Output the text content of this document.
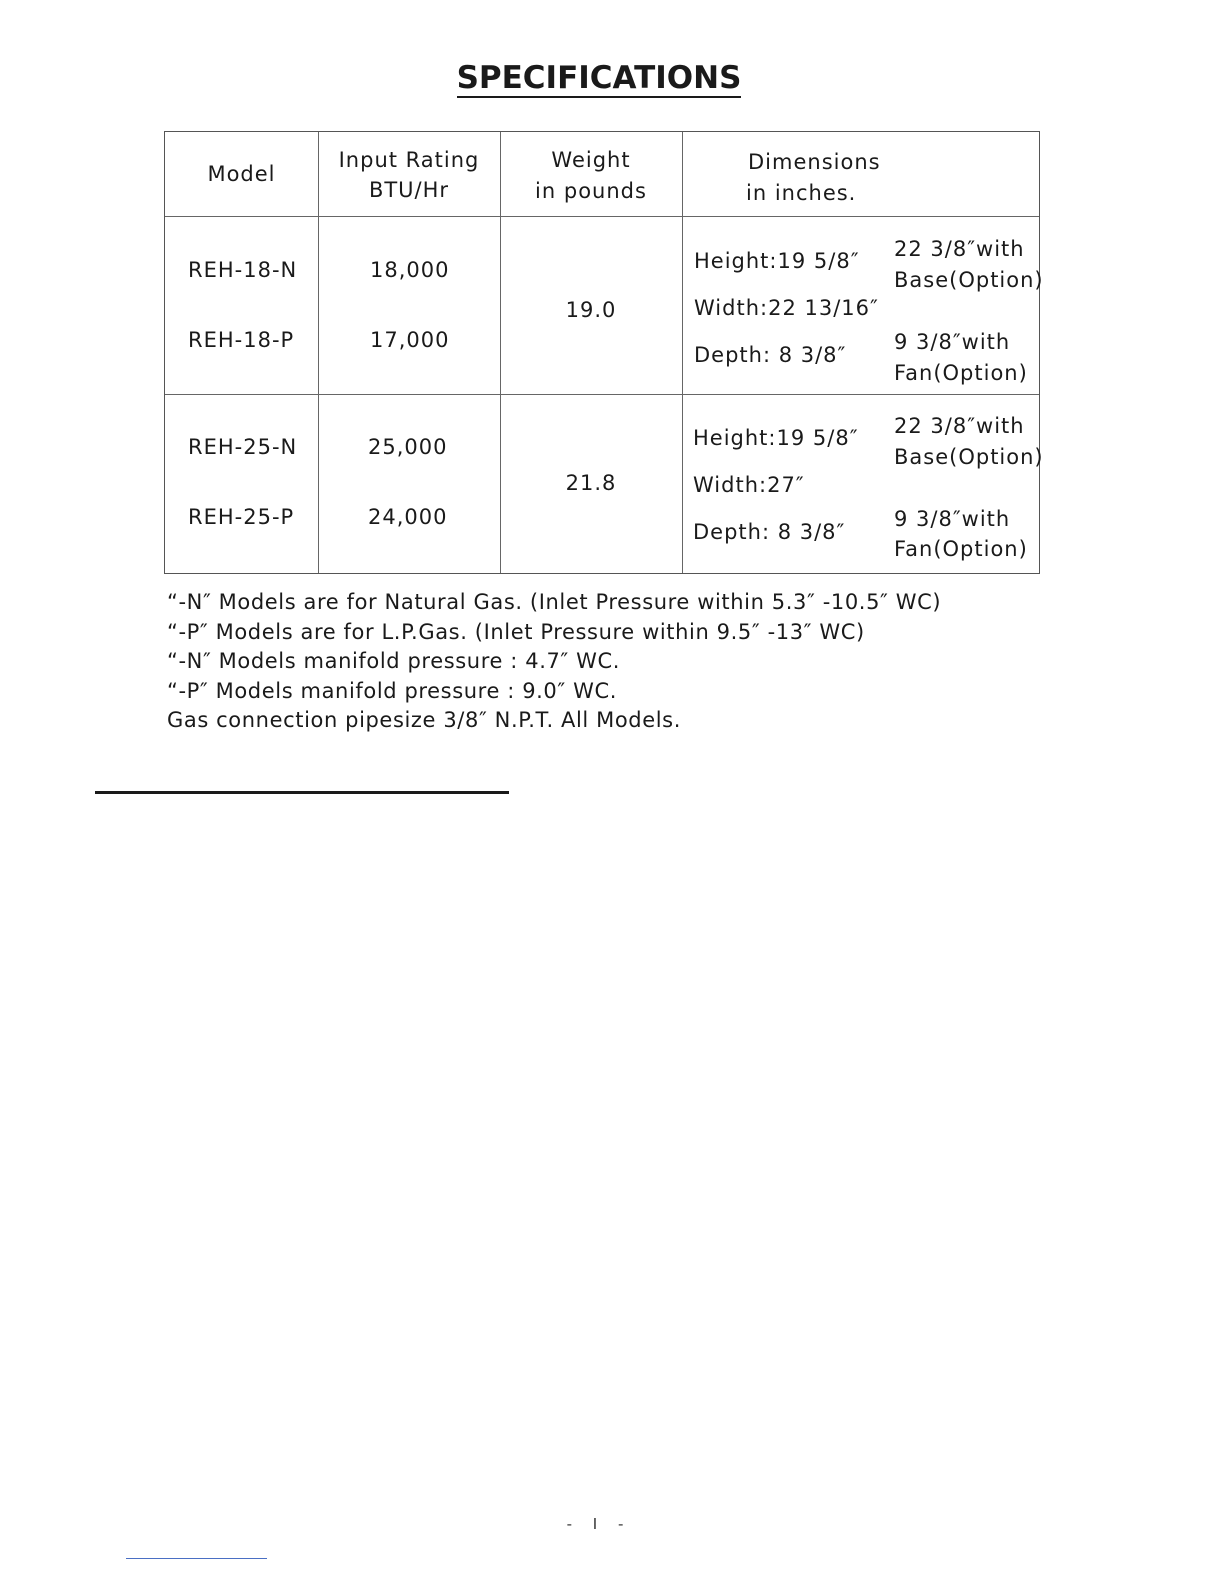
SPECIFICATIONS
Model
Input Rating
BTU/Hr
Weight
in pounds
Dimensions
in inches.
REH-18-N
REH-18-P
18,000
17,000
19.0
Height:19 5/8″
Width:22 13/16″
Depth: 8 3/8″
22 3/8″with
Base(Option)
9 3/8″with
Fan(Option)
REH-25-N
REH-25-P
25,000
24,000
21.8
Height:19 5/8″
Width:27″
Depth: 8 3/8″
22 3/8″with
Base(Option)
9 3/8″with
Fan(Option)
“-N″ Models are for Natural Gas. (Inlet Pressure within 5.3″ -10.5″ WC)
“-P″ Models are for L.P.Gas. (Inlet Pressure within 9.5″ -13″ WC)
“-N″ Models manifold pressure : 4.7″ WC.
“-P″ Models manifold pressure : 9.0″ WC.
Gas connection pipesize 3/8″ N.P.T. All Models.
- I -
